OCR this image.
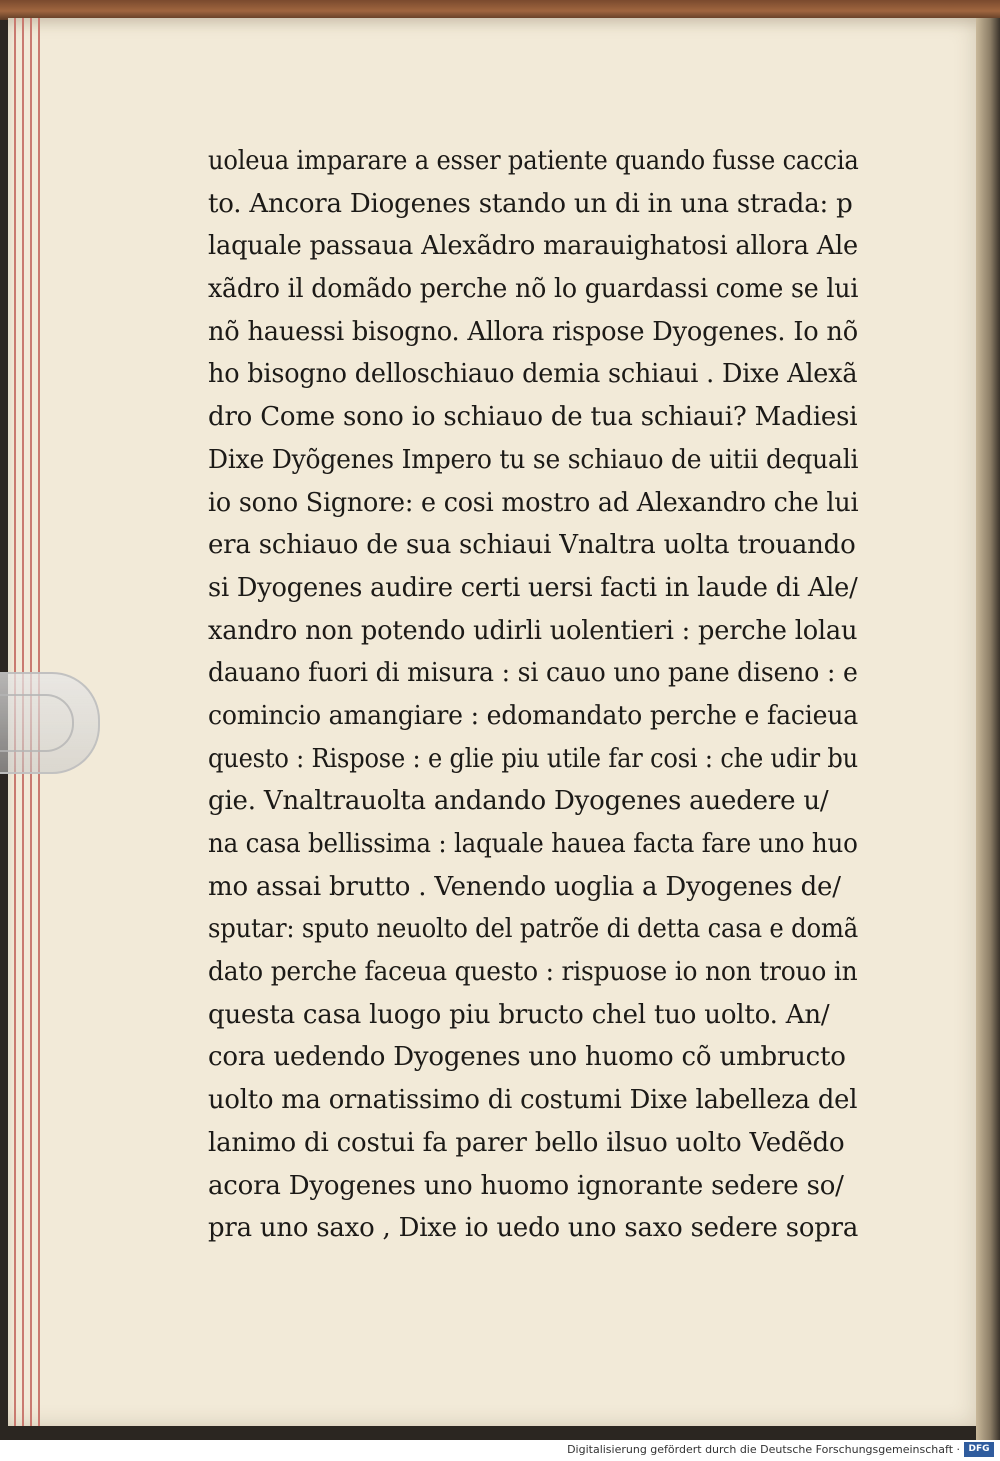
uoleua imparare a esser patiente quando fusse caccia
to. Ancora Diogenes stando un di in una strada: p
laquale passaua Alexãdro marauighatosi allora Ale
xãdro il domãdo perche nõ lo guardassi come se lui
nõ hauessi bisogno. Allora rispose Dyogenes. Io nõ
ho bisogno delloschiauo demia schiaui . Dixe Alexã
dro Come sono io schiauo de tua schiaui? Madiesi
Dixe Dyõgenes Impero tu se schiauo de uitii dequali
io sono Signore: e cosi mostro ad Alexandro che lui
era schiauo de sua schiaui Vnaltra uolta trouando
si Dyogenes audire certi uersi facti in laude di Ale/
xandro non potendo udirli uolentieri : perche lolau
dauano fuori di misura : si cauo uno pane diseno : e
comincio amangiare : edomandato perche e facieua
questo : Rispose : e glie piu utile far cosi : che udir bu
gie. Vnaltrauolta andando Dyogenes auedere u/
na casa bellissima : laquale hauea facta fare uno huo
mo assai brutto . Venendo uoglia a Dyogenes de/
sputar: sputo neuolto del patrõe di detta casa e domã
dato perche faceua questo : rispuose io non trouo in
questa casa luogo piu bructo chel tuo uolto. An/
cora uedendo Dyogenes uno huomo cõ umbructo
uolto ma ornatissimo di costumi Dixe labelleza del
lanimo di costui fa parer bello ilsuo uolto Vedẽdo
acora Dyogenes uno huomo ignorante sedere so/
pra uno saxo , Dixe io uedo uno saxo sedere sopra
Digitalisierung gefördert durch die Deutsche Forschungsgemeinschaft · DFG
